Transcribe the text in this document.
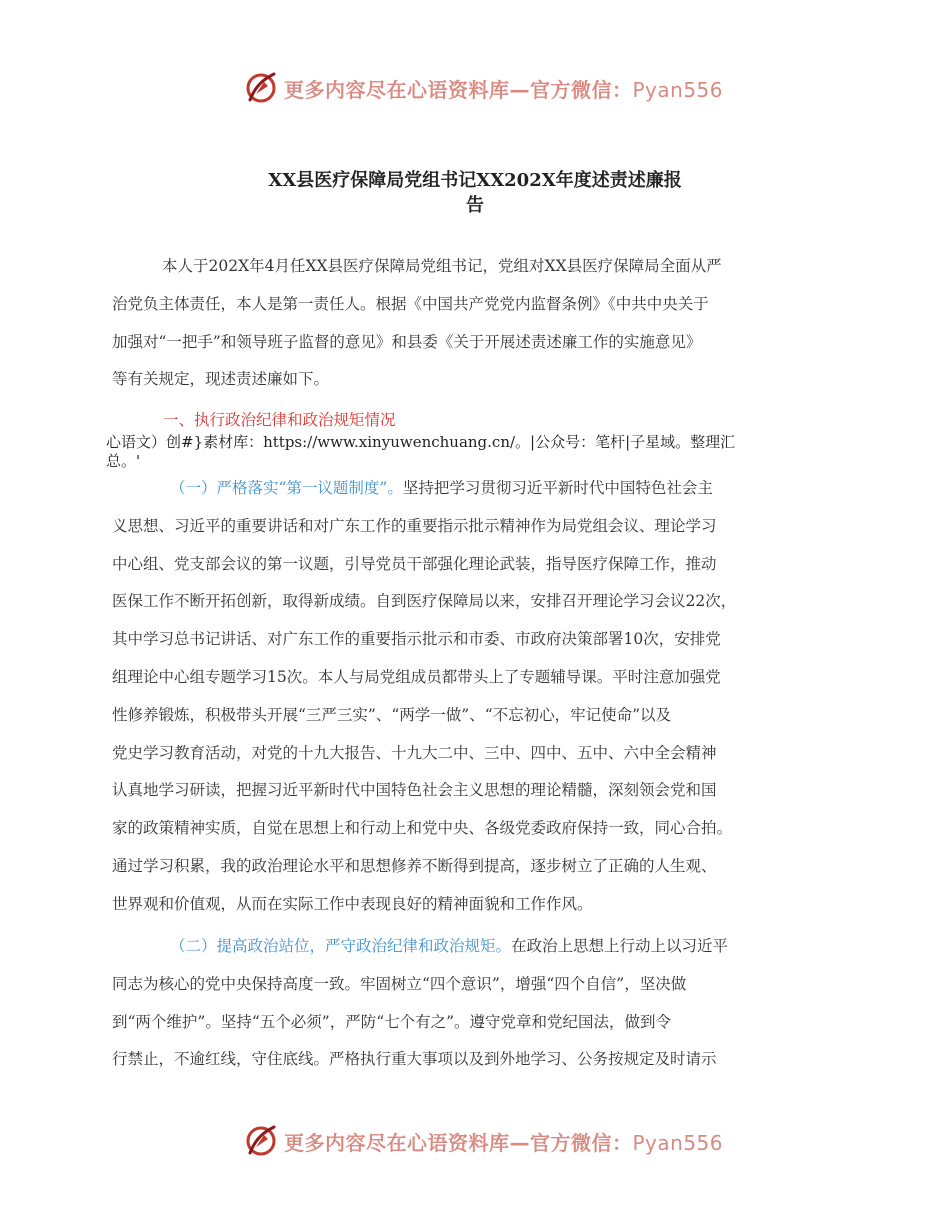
更多内容尽在心语资料库—官方微信：Pyan556
XX县医疗保障局党组书记XX202X年度述责述廉报
告
本人于202X年4月任XX县医疗保障局党组书记，党组对XX县医疗保障局全面从严
治党负主体责任，本人是第一责任人。根据《中国共产党党内监督条例》《中共中央关于
加强对“一把手”和领导班子监督的意见》和县委《关于开展述责述廉工作的实施意见》
等有关规定，现述责述廉如下。
一、执行政治纪律和政治规矩情况
心语文）创#}素材库：https://www.xinyuwenchuang.cn/。|公众号：笔杆|子星域。整理汇
总。'
（一）严格落实“第一议题制度”。坚持把学习贯彻习近平新时代中国特色社会主
义思想、习近平的重要讲话和对广东工作的重要指示批示精神作为局党组会议、理论学习
中心组、党支部会议的第一议题，引导党员干部强化理论武装，指导医疗保障工作，推动
医保工作不断开拓创新，取得新成绩。自到医疗保障局以来，安排召开理论学习会议22次，
其中学习总书记讲话、对广东工作的重要指示批示和市委、市政府决策部署10次，安排党
组理论中心组专题学习15次。本人与局党组成员都带头上了专题辅导课。平时注意加强党
性修养锻炼，积极带头开展“三严三实”、“两学一做”、“不忘初心，牢记使命”以及
党史学习教育活动，对党的十九大报告、十九大二中、三中、四中、五中、六中全会精神
认真地学习研读，把握习近平新时代中国特色社会主义思想的理论精髓，深刻领会党和国
家的政策精神实质，自觉在思想上和行动上和党中央、各级党委政府保持一致，同心合拍。
通过学习积累，我的政治理论水平和思想修养不断得到提高，逐步树立了正确的人生观、
世界观和价值观，从而在实际工作中表现良好的精神面貌和工作作风。
（二）提高政治站位，严守政治纪律和政治规矩。在政治上思想上行动上以习近平
同志为核心的党中央保持高度一致。牢固树立“四个意识”，增强“四个自信”，坚决做
到“两个维护”。坚持“五个必须”，严防“七个有之”。遵守党章和党纪国法，做到令
行禁止，不逾红线，守住底线。严格执行重大事项以及到外地学习、公务按规定及时请示
更多内容尽在心语资料库—官方微信：Pyan556
